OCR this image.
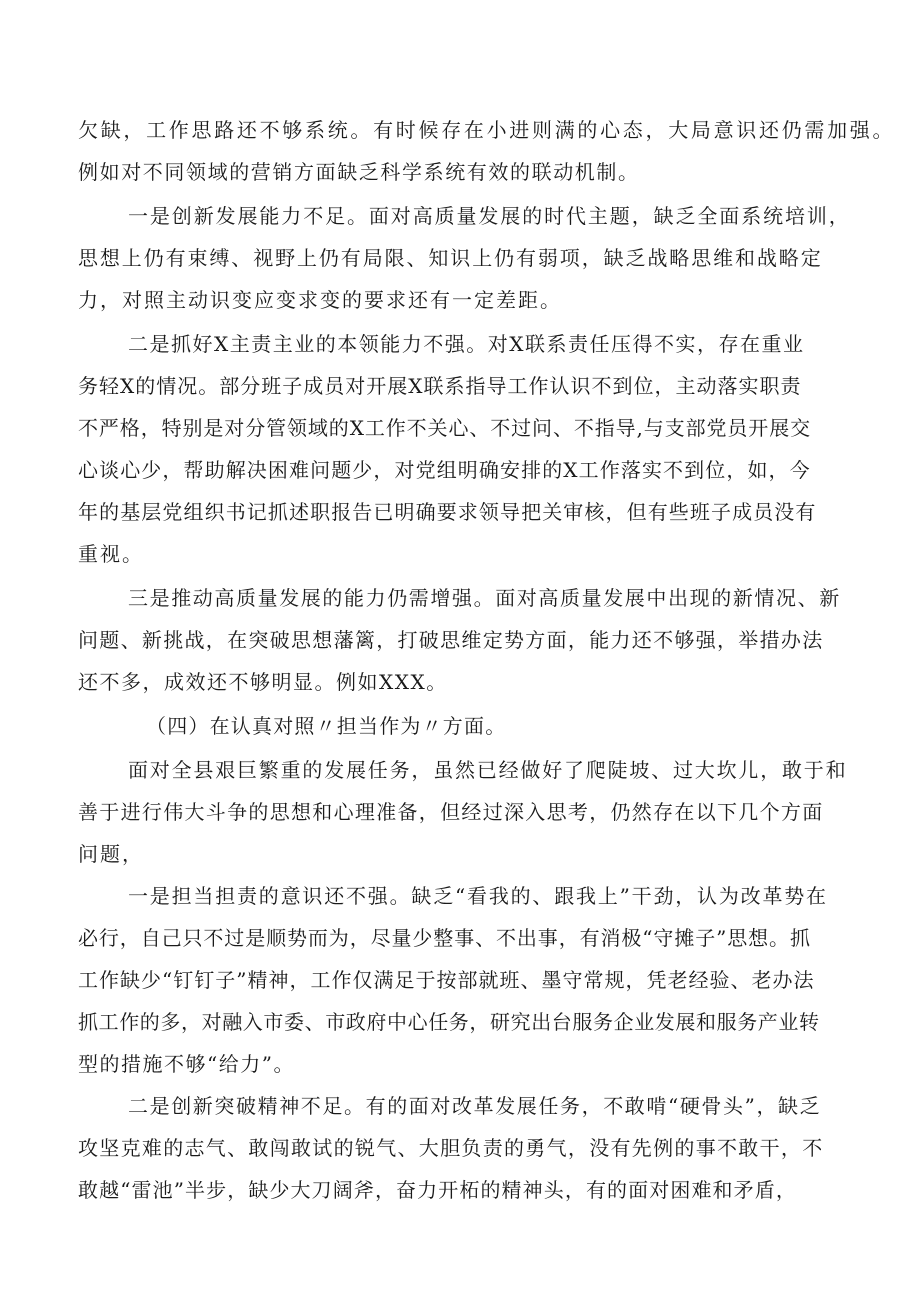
欠缺，工作思路还不够系统。有时候存在小进则满的心态，大局意识还仍需加强。

例如对不同领域的营销方面缺乏科学系统有效的联动机制。

一是创新发展能力不足。面对高质量发展的时代主题，缺乏全面系统培训，

思想上仍有束缚、视野上仍有局限、知识上仍有弱项，缺乏战略思维和战略定

力，对照主动识变应变求变的要求还有一定差距。

二是抓好X主责主业的本领能力不强。对X联系责任压得不实，存在重业

务轻X的情况。部分班子成员对开展X联系指导工作认识不到位，主动落实职责

不严格，特别是对分管领域的X工作不关心、不过问、不指导,与支部党员开展交

心谈心少，帮助解决困难问题少，对党组明确安排的X工作落实不到位，如，今

年的基层党组织书记抓述职报告已明确要求领导把关审核，但有些班子成员没有

重视。

三是推动高质量发展的能力仍需增强。面对高质量发展中出现的新情况、新

问题、新挑战，在突破思想藩篱，打破思维定势方面，能力还不够强，举措办法

还不多，成效还不够明显。例如XXX。

（四）在认真对照〃担当作为〃方面。

面对全县艰巨繁重的发展任务，虽然已经做好了爬陡坡、过大坎儿，敢于和

善于进行伟大斗争的思想和心理准备，但经过深入思考，仍然存在以下几个方面

问题，

一是担当担责的意识还不强。缺乏“看我的、跟我上”干劲，认为改革势在

必行，自己只不过是顺势而为，尽量少整事、不出事，有消极“守摊子”思想。抓

工作缺少“钉钉子”精神，工作仅满足于按部就班、墨守常规，凭老经验、老办法

抓工作的多，对融入市委、市政府中心任务，研究出台服务企业发展和服务产业转

型的措施不够“给力”。

二是创新突破精神不足。有的面对改革发展任务，不敢啃“硬骨头”，缺乏

攻坚克难的志气、敢闯敢试的锐气、大胆负责的勇气，没有先例的事不敢干，不

敢越“雷池”半步，缺少大刀阔斧，奋力开柘的精神头，有的面对困难和矛盾，
